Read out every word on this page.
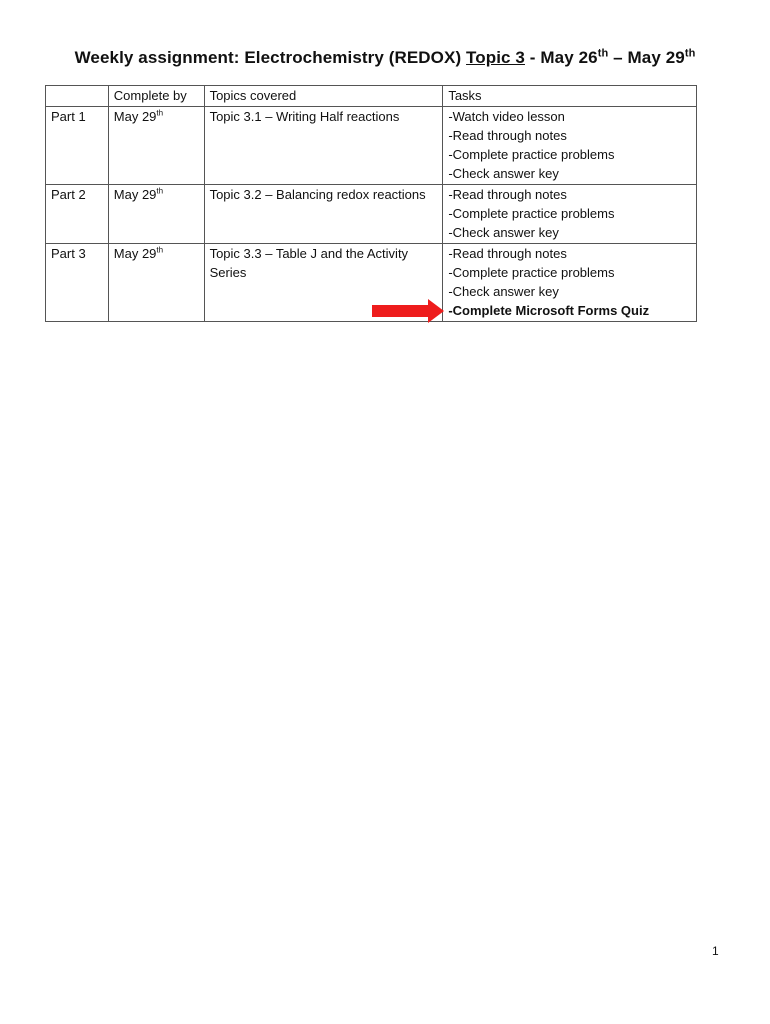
Weekly assignment: Electrochemistry (REDOX) Topic 3 - May 26th – May 29th
	Complete by	Topics covered	Tasks
Part 1	May 29th	Topic 3.1 – Writing Half reactions	-Watch video lesson
-Read through notes
-Complete practice problems
-Check answer key

Part 2	May 29th	Topic 3.2 – Balancing redox reactions	-Read through notes
-Complete practice problems
-Check answer key

Part 3	May 29th	Topic 3.3 – Table J and the Activity Series	-Read through notes
-Complete practice problems
-Check answer key
-Complete Microsoft Forms Quiz
1
